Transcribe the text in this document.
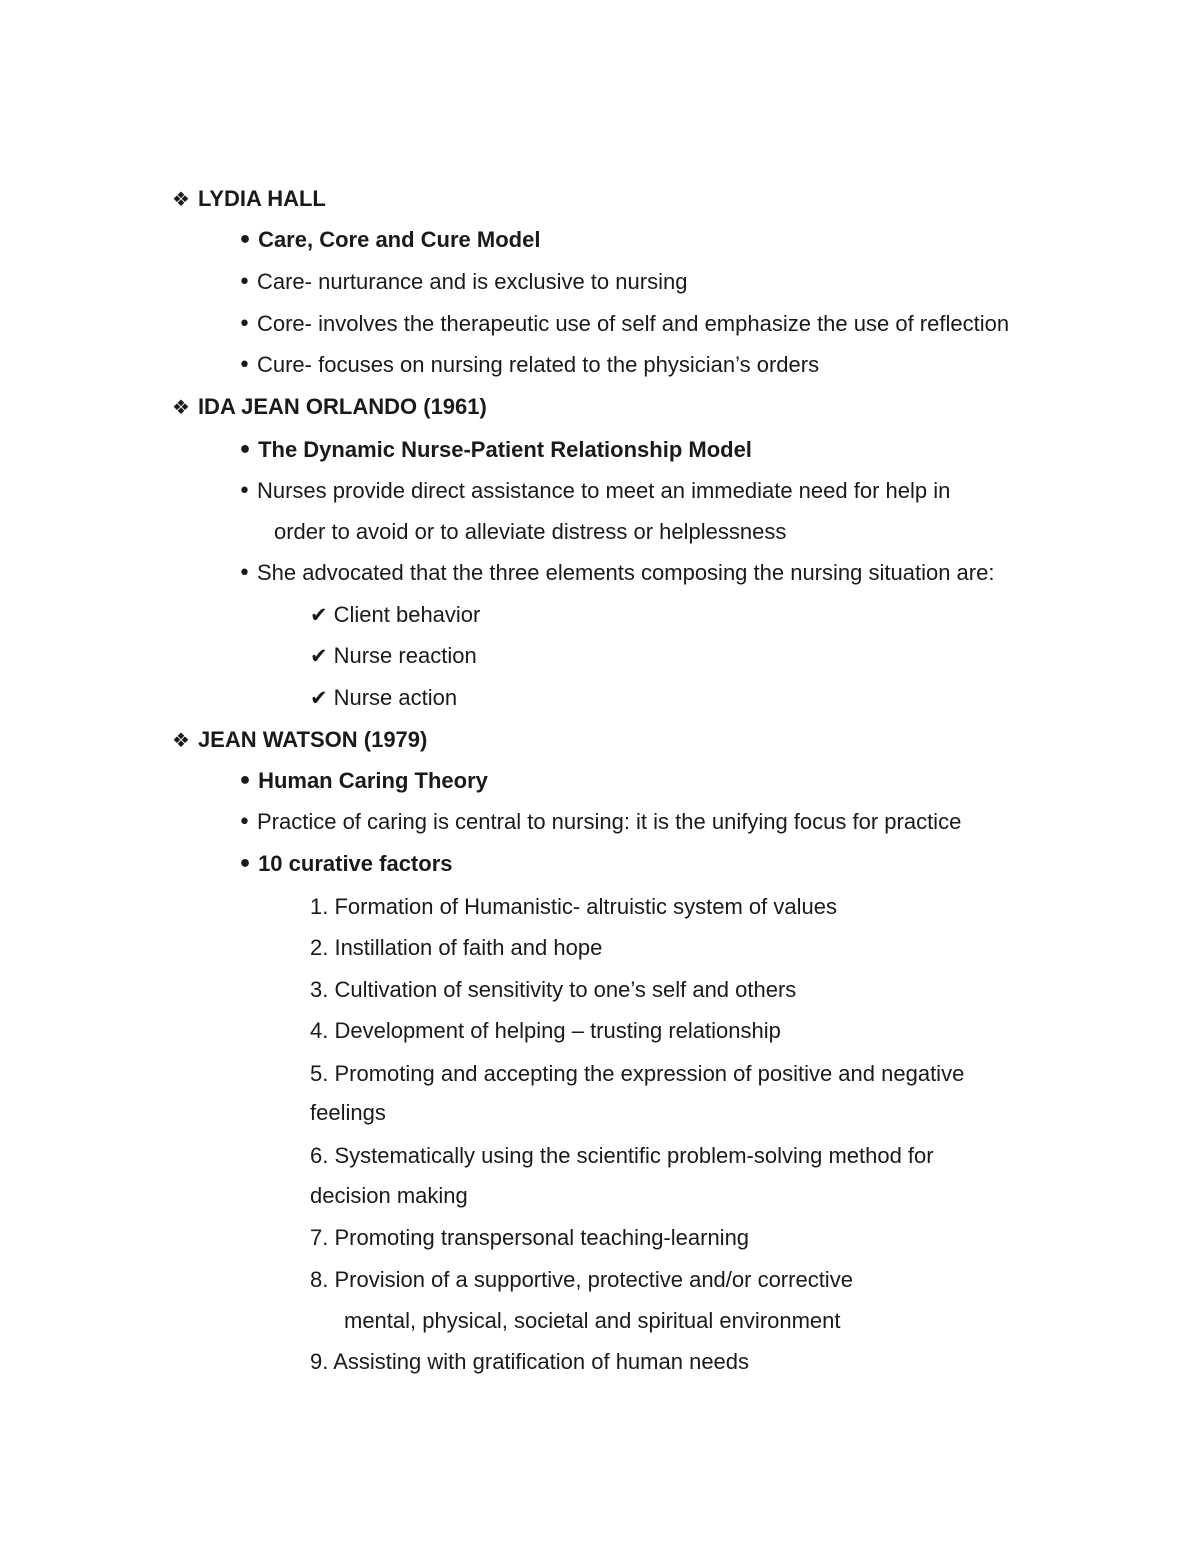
❖ LYDIA HALL
• Care, Core and Cure Model
• Care- nurturance and is exclusive to nursing
• Core- involves the therapeutic use of self and emphasize the use of reflection
• Cure- focuses on nursing related to the physician’s orders
❖ IDA JEAN ORLANDO (1961)
• The Dynamic Nurse-Patient Relationship Model
• Nurses provide direct assistance to meet an immediate need for help in
order to avoid or to alleviate distress or helplessness
• She advocated that the three elements composing the nursing situation are:
✔ Client behavior
✔ Nurse reaction
✔ Nurse action
❖ JEAN WATSON (1979)
• Human Caring Theory
• Practice of caring is central to nursing: it is the unifying focus for practice
• 10 curative factors
1. Formation of Humanistic- altruistic system of values
2. Instillation of faith and hope
3. Cultivation of sensitivity to one’s self and others
4. Development of helping – trusting relationship
5. Promoting and accepting the expression of positive and negative
feelings
6. Systematically using the scientific problem-solving method for
decision making
7. Promoting transpersonal teaching-learning
8. Provision of a supportive, protective and/or corrective
mental, physical, societal and spiritual environment
9. Assisting with gratification of human needs
